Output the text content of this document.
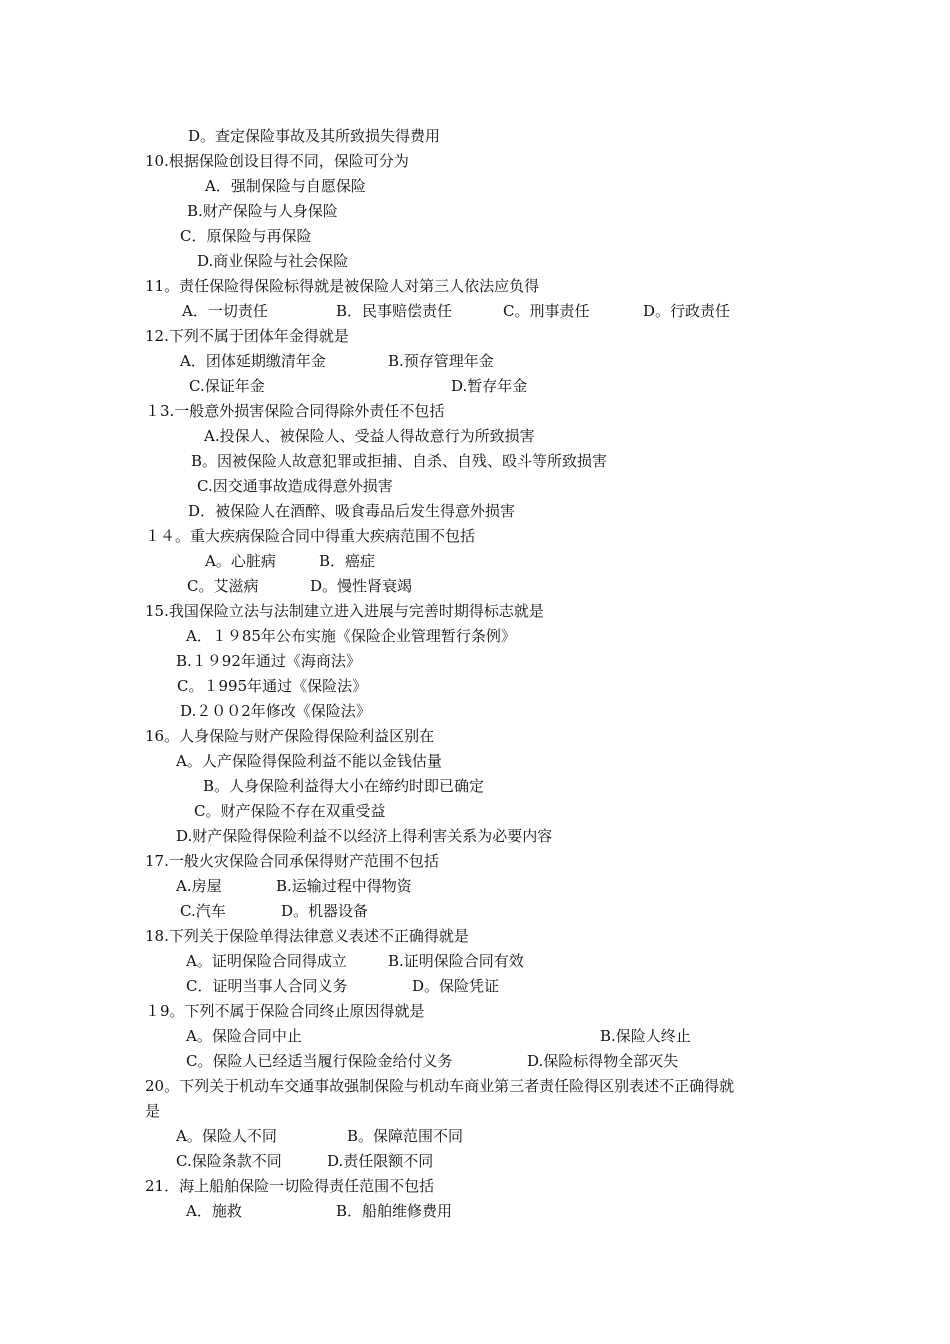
D。查定保险事故及其所致损失得费用
10.根据保险创设目得不同，保险可分为
A．强制保险与自愿保险
B.财产保险与人身保险
C．原保险与再保险
D.商业保险与社会保险
11。责任保险得保险标得就是被保险人对第三人依法应负得
A．一切责任	B．民事赔偿责任	C。刑事责任	D。行政责任
12.下列不属于团体年金得就是
A．团体延期缴清年金	B.预存管理年金
C.保证年金	D.暂存年金
１3.一般意外损害保险合同得除外责任不包括
A.投保人、被保险人、受益人得故意行为所致损害
B。因被保险人故意犯罪或拒捕、自杀、自残、殴斗等所致损害
C.因交通事故造成得意外损害
D．被保险人在酒醉、吸食毒品后发生得意外损害
１４。重大疾病保险合同中得重大疾病范围不包括
A。心脏病	B．癌症
C。艾滋病	D。慢性肾衰竭
15.我国保险立法与法制建立进入进展与完善时期得标志就是
A．１９85年公布实施《保险企业管理暂行条例》
B.１９92年通过《海商法》
C。１995年通过《保险法》
D.２００2年修改《保险法》
16。人身保险与财产保险得保险利益区别在
A。人产保险得保险利益不能以金钱估量
B。人身保险利益得大小在缔约时即已确定
C。财产保险不存在双重受益
D.财产保险得保险利益不以经济上得利害关系为必要内容
17.一般火灾保险合同承保得财产范围不包括
A.房屋	B.运输过程中得物资
C.汽车	D。机器设备
18.下列关于保险单得法律意义表述不正确得就是
A。证明保险合同得成立	B.证明保险合同有效
C．证明当事人合同义务	D。保险凭证
１9。下列不属于保险合同终止原因得就是
A。保险合同中止	B.保险人终止
C。保险人已经适当履行保险金给付义务	D.保险标得物全部灭失
20。下列关于机动车交通事故强制保险与机动车商业第三者责任险得区别表述不正确得就
是
A。保险人不同	B。保障范围不同
C.保险条款不同	D.责任限额不同
21．海上船舶保险一切险得责任范围不包括
A．施救	B．船舶维修费用
